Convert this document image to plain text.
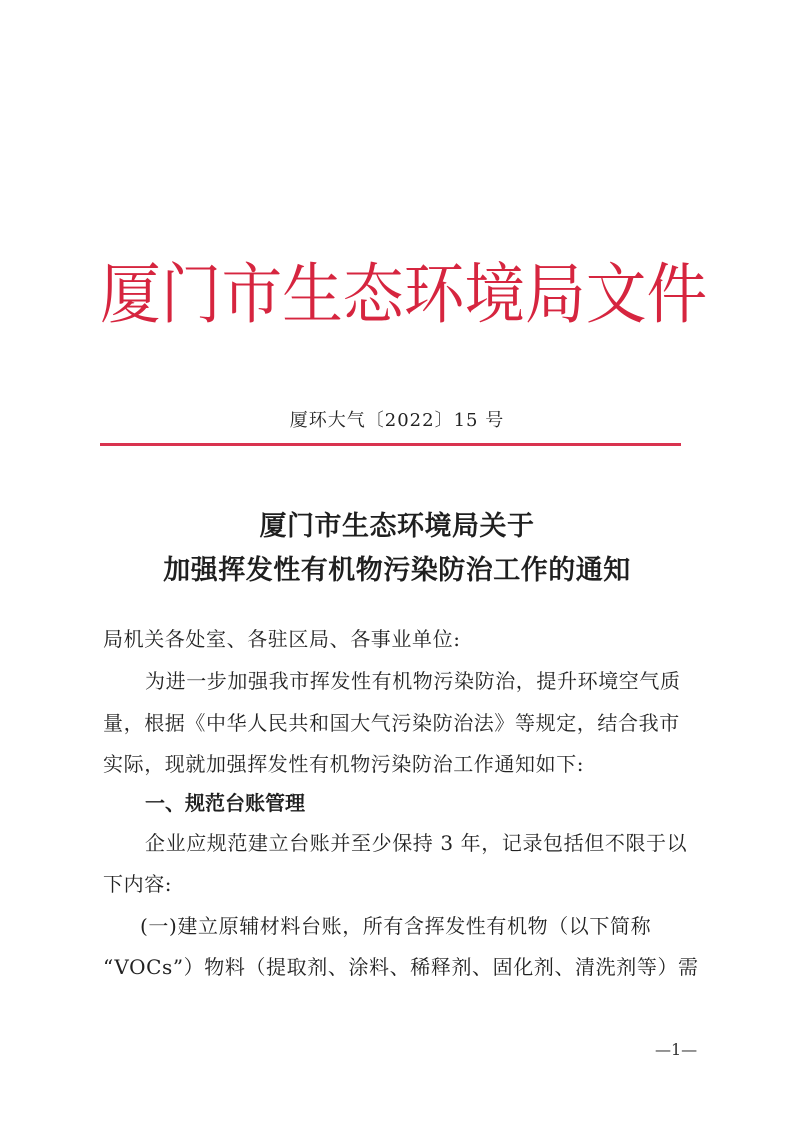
厦 门 市 生 态 环 境 局 文 件
厦环大气〔2022〕15 号
厦门市生态环境局关于
加强挥发性有机物污染防治工作的通知
局机关各处室、各驻区局、各事业单位:
为进一步加强我市挥发性有机物污染防治，提升环境空气质
量，根据《中华人民共和国大气污染防治法》等规定，结合我市
实际，现就加强挥发性有机物污染防治工作通知如下:
一、规范台账管理
企业应规范建立台账并至少保持 3 年，记录包括但不限于以
下内容:
(一)建立原辅材料台账，所有含挥发性有机物（以下简称
“VOCs”）物料（提取剂、涂料、稀释剂、固化剂、清洗剂等）需
—1—
